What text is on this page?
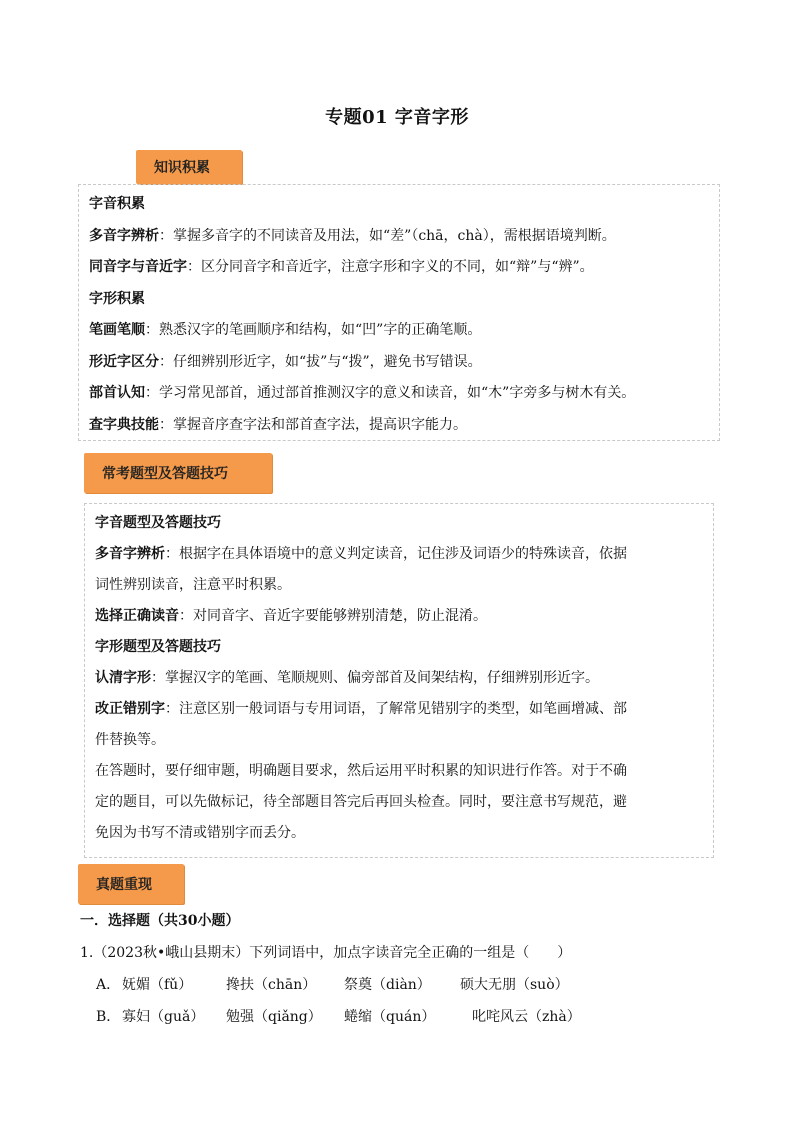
专题01 字音字形
知识积累

字音积累

多音字辨析：掌握多音字的不同读音及用法，如“差”（chā，chà），需根据语境判断。

同音字与音近字：区分同音字和音近字，注意字形和字义的不同，如“辩”与“辨”。

字形积累

笔画笔顺：熟悉汉字的笔画顺序和结构，如“凹”字的正确笔顺。

形近字区分：仔细辨别形近字，如“拔”与“拨”，避免书写错误。

部首认知：学习常见部首，通过部首推测汉字的意义和读音，如“木”字旁多与树木有关。

查字典技能：掌握音序查字法和部首查字法，提高识字能力。

常考题型及答题技巧

字音题型及答题技巧

多音字辨析：根据字在具体语境中的意义判定读音，记住涉及词语少的特殊读音，依据

词性辨别读音，注意平时积累。

选择正确读音：对同音字、音近字要能够辨别清楚，防止混淆。

字形题型及答题技巧

认清字形：掌握汉字的笔画、笔顺规则、偏旁部首及间架结构，仔细辨别形近字。

改正错别字：注意区别一般词语与专用词语，了解常见错别字的类型，如笔画增减、部

件替换等。

在答题时，要仔细审题，明确题目要求，然后运用平时积累的知识进行作答。对于不确

定的题目，可以先做标记，待全部题目答完后再回头检查。同时，要注意书写规范，避

免因为书写不清或错别字而丢分。

真题重现
一．选择题（共30小题）
1.（2023秋•峨山县期末）下列词语中，加点字读音完全正确的一组是（　　）
A． 妩媚（fǔ） 搀扶（chān） 祭奠（diàn） 硕大无朋（suò）
B． 寡妇（guǎ） 勉强（qiǎng） 蜷缩（quán）	叱咤风云（zhà）
